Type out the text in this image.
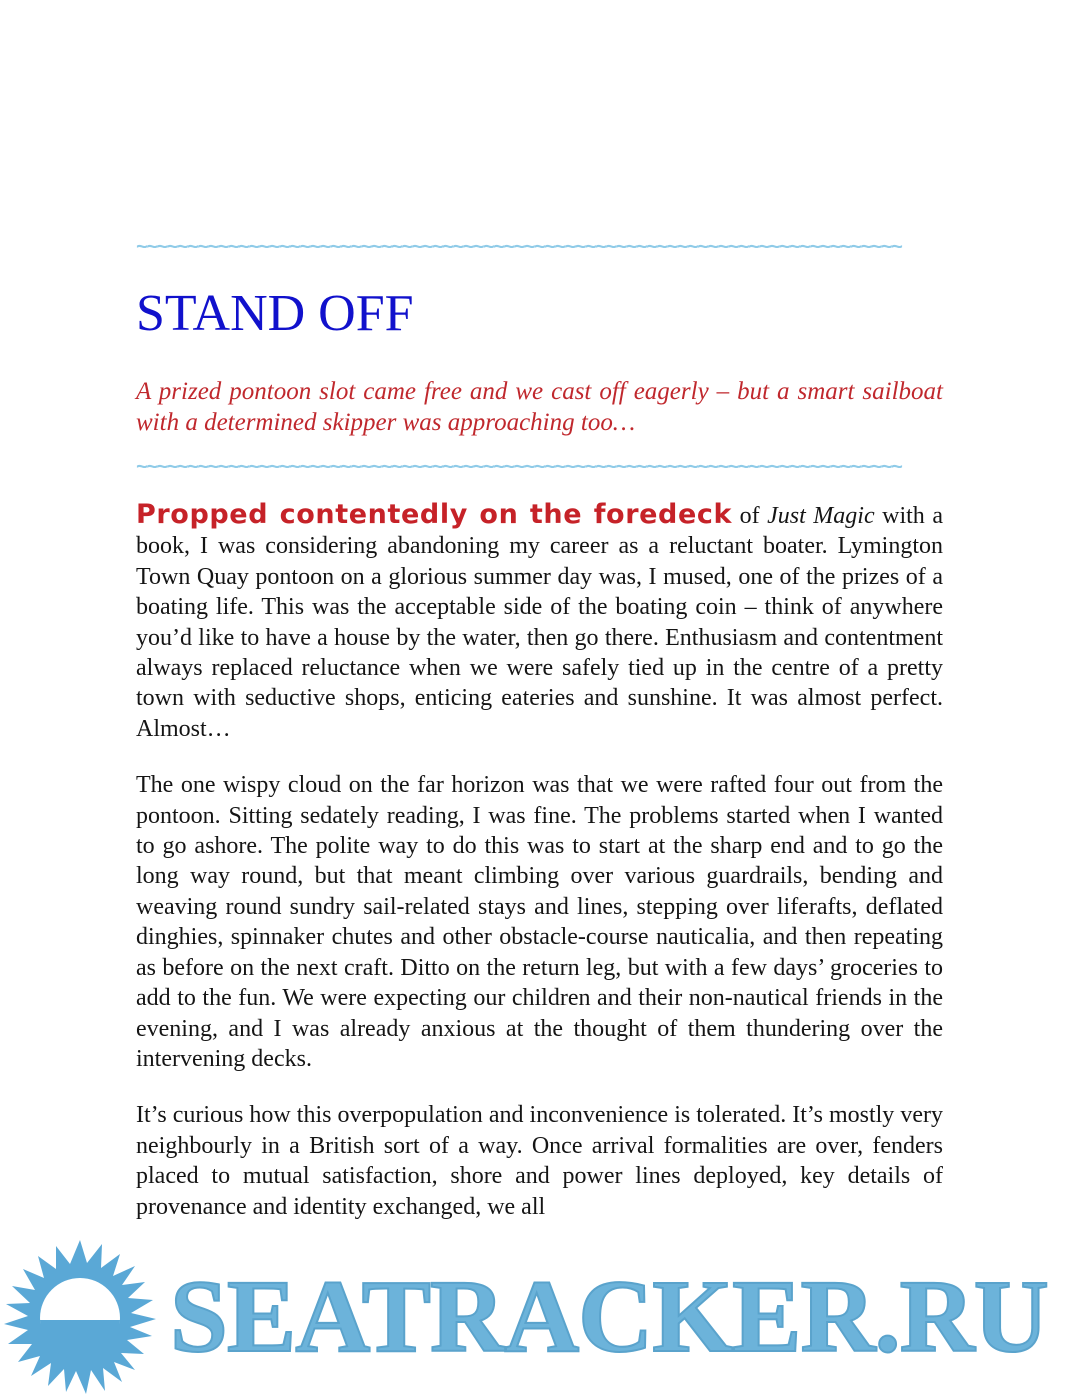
~~~~~~~~~~~~~~~~~~~~~~~~~~~~~~~~~~~~~~~~~~~~~~~~~~~~~~~~~~~~~~~~~~~~~~~~~~~
STAND OFF

A prized pontoon slot came free and we cast off eagerly – but a smart sailboat with a determined skipper was approaching too…

~~~~~~~~~~~~~~~~~~~~~~~~~~~~~~~~~~~~~~~~~~~~~~~~~~~~~~~~~~~~~~~~~~~~~~~~~~~

Propped contentedly on the foredeck of Just Magic with a book, I was considering abandoning my career as a reluctant boater. Lymington Town Quay pontoon on a glorious summer day was, I mused, one of the prizes of a boating life. This was the acceptable side of the boating coin – think of anywhere you’d like to have a house by the water, then go there. Enthusiasm and contentment always replaced reluctance when we were safely tied up in the centre of a pretty town with seductive shops, enticing eateries and sunshine. It was almost perfect. Almost…

The one wispy cloud on the far horizon was that we were rafted four out from the pontoon. Sitting sedately reading, I was fine. The problems started when I wanted to go ashore. The polite way to do this was to start at the sharp end and to go the long way round, but that meant climbing over various guardrails, bending and weaving round sundry sail-related stays and lines, stepping over liferafts, deflated dinghies, spinnaker chutes and other obstacle-course nauticalia, and then repeating as before on the next craft. Ditto on the return leg, but with a few days’ groceries to add to the fun. We were expecting our children and their non-nautical friends in the evening, and I was already anxious at the thought of them thundering over the intervening decks.

It’s curious how this overpopulation and inconvenience is tolerated. It’s mostly very neighbourly in a British sort of a way. Once arrival formalities are over, fenders placed to mutual satisfaction, shore and power lines deployed, key details of provenance and identity exchanged, we all

SEATRACKER.RU
